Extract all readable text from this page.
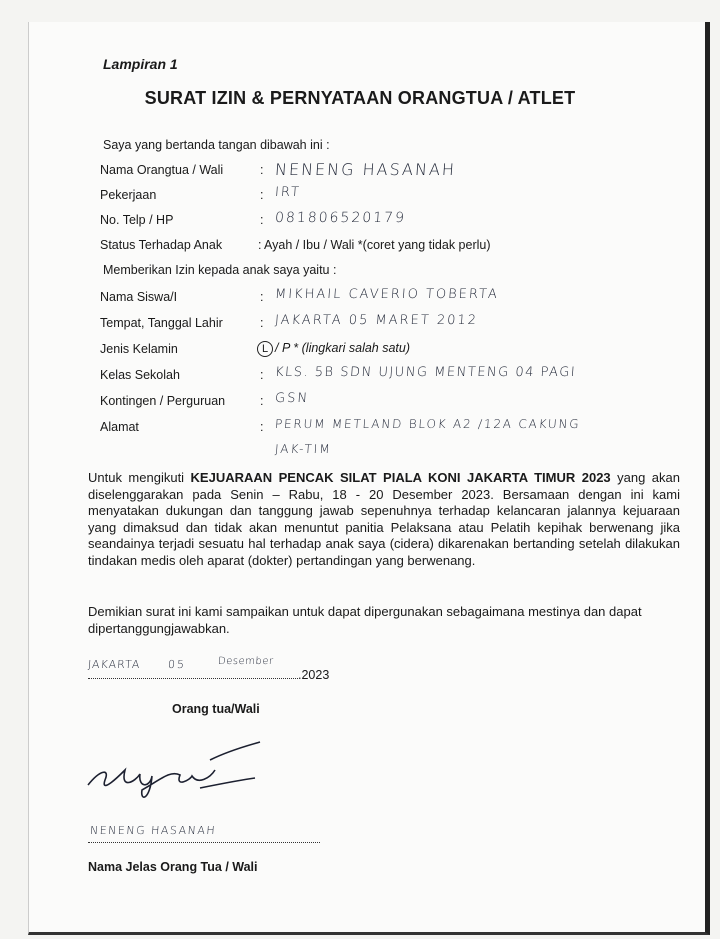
Lampiran 1
SURAT IZIN & PERNYATAAN ORANGTUA / ATLET
Saya yang bertanda tangan dibawah ini :
Nama Orangtua / Wali	: NENENG HASANAH
Pekerjaan	: IRT
No. Telp / HP	: 081806520179
Status Terhadap Anak	: Ayah / Ibu / Wali *(coret yang tidak perlu)
Memberikan Izin kepada anak saya yaitu :
Nama Siswa/I	: MIKHAIL CAVERIO TOBERTA
Tempat, Tanggal Lahir	: JAKARTA 05 MARET 2012
Jenis Kelamin	L / P * (lingkari salah satu)
Kelas Sekolah	: KLS. 5B SDN UJUNG MENTENG 04 PAGI
Kontingen / Perguruan	: GSN
Alamat	: PERUM METLAND BLOK A2 /12A CAKUNG
JAK-TIM
Untuk mengikuti KEJUARAAN PENCAK SILAT PIALA KONI JAKARTA TIMUR 2023 yang akan diselenggarakan pada Senin – Rabu, 18 - 20 Desember 2023. Bersamaan dengan ini kami menyatakan dukungan dan tanggung jawab sepenuhnya terhadap kelancaran jalannya kejuaraan yang dimaksud dan tidak akan menuntut panitia Pelaksana atau Pelatih kepihak berwenang jika seandainya terjadi sesuatu hal terhadap anak saya (cidera) dikarenakan bertanding setelah dilakukan tindakan medis oleh aparat (dokter) pertandingan yang berwenang.
Demikian surat ini kami sampaikan untuk dapat dipergunakan sebagaimana mestinya dan dapat dipertanggungjawabkan.
JAKARTA 05	Desember
.2023
Orang tua/Wali
NENENG HASANAH
Nama Jelas Orang Tua / Wali
